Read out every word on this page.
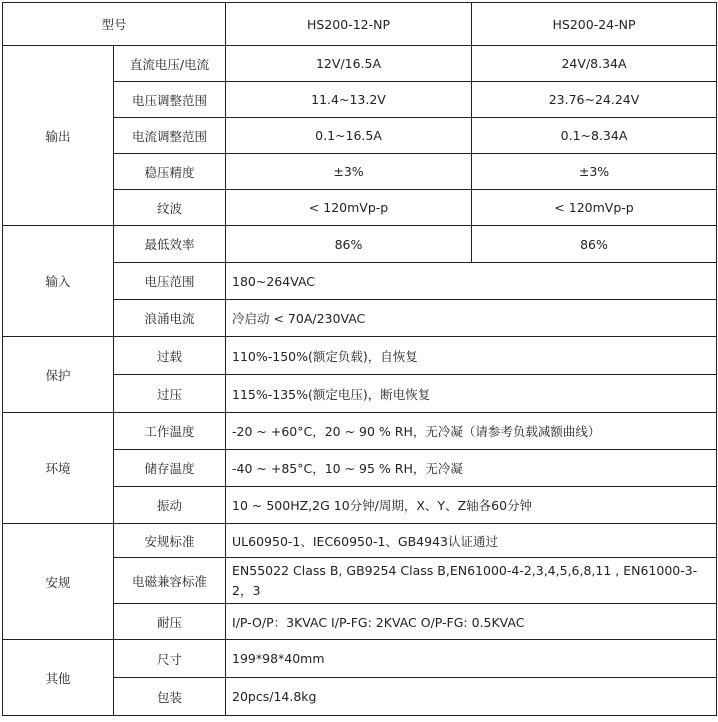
型号		HS200-12-NP	HS200-24-NP
输出	直流电压/电流	12V/16.5A	24V/8.34A
	电压调整范围	11.4~13.2V	23.76~24.24V
	电流调整范围	0.1~16.5A	0.1~8.34A
	稳压精度	±3%	±3%
	纹波	< 120mVp-p	< 120mVp-p
输入	最低效率	86%	86%
	电压范围	180~264VAC	
	浪涌电流	冷启动 < 70A/230VAC	
保护	过载	110%-150%(额定负载)，自恢复	
	过压	115%-135%(额定电压)，断电恢复	
环境	工作温度	-20 ~ +60°C，20 ~ 90 % RH，无冷凝（请参考负载减额曲线）	
	储存温度	-40 ~ +85°C，10 ~ 95 % RH，无冷凝	
	振动	10 ~ 500HZ,2G 10分钟/周期，X、Y、Z轴各60分钟	
安规	安规标准	UL60950-1、IEC60950-1、GB4943认证通过	
	电磁兼容标准	EN55022 Class B, GB9254 Class B,EN61000-4-2,3,4,5,6,8,11 , EN61000-3-2，3	
	耐压	I/P-O/P：3KVAC I/P-FG: 2KVAC O/P-FG: 0.5KVAC	
其他	尺寸	199*98*40mm	
	包装	20pcs/14.8kg	
